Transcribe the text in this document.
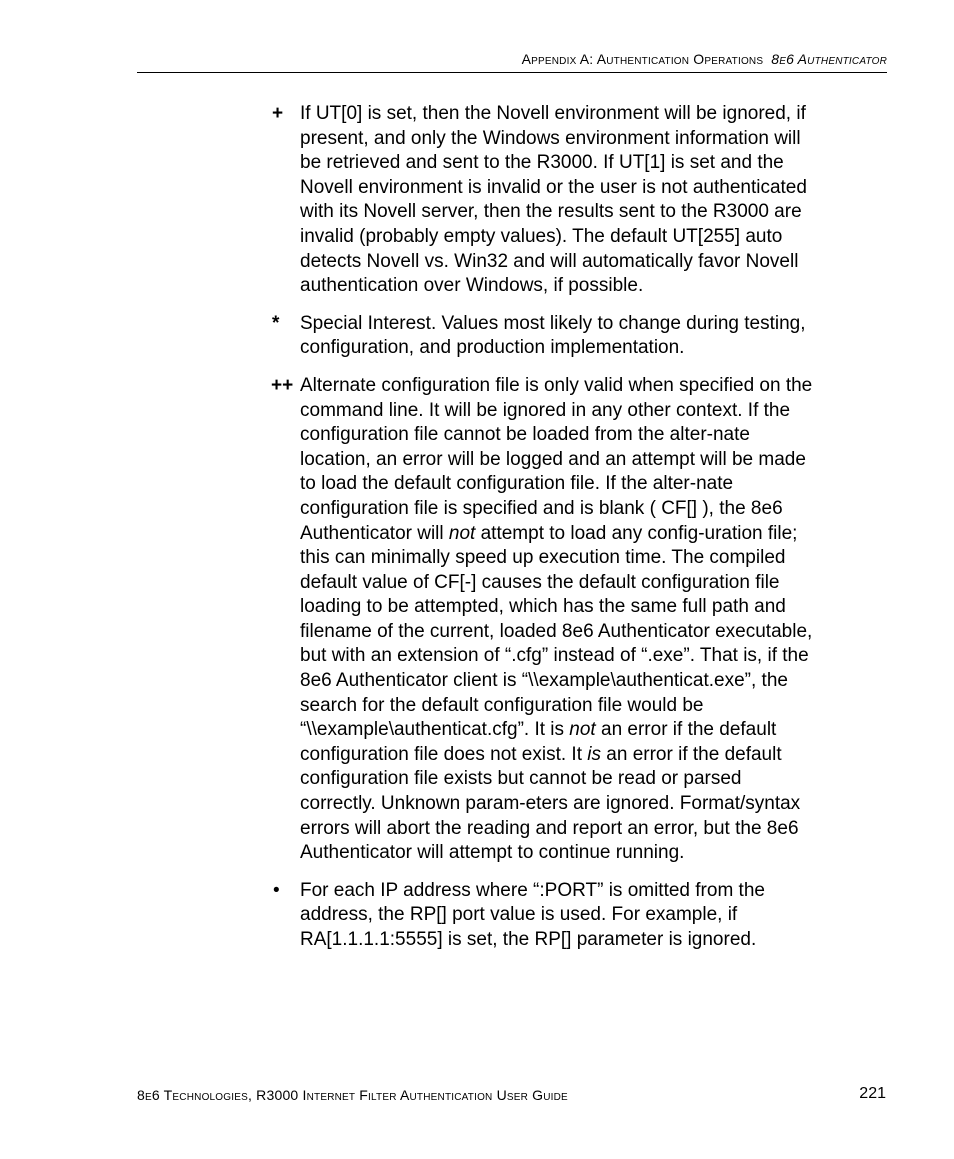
Appendix A: Authentication Operations 8e6 Authenticator
+ If UT[0] is set, then the Novell environment will be ignored, if present, and only the Windows environment information will be retrieved and sent to the R3000. If UT[1] is set and the Novell environment is invalid or the user is not authenticated with its Novell server, then the results sent to the R3000 are invalid (probably empty values). The default UT[255] auto detects Novell vs. Win32 and will automatically favor Novell authentication over Windows, if possible.
* Special Interest. Values most likely to change during testing, configuration, and production implementation.
++ Alternate configuration file is only valid when specified on the command line. It will be ignored in any other context. If the configuration file cannot be loaded from the alter-nate location, an error will be logged and an attempt will be made to load the default configuration file. If the alter-nate configuration file is specified and is blank ( CF[] ), the 8e6 Authenticator will not attempt to load any config-uration file; this can minimally speed up execution time. The compiled default value of CF[-] causes the default configuration file loading to be attempted, which has the same full path and filename of the current, loaded 8e6 Authenticator executable, but with an extension of “.cfg” instead of “.exe”. That is, if the 8e6 Authenticator client is “\\example\authenticat.exe”, the search for the default configuration file would be “\\example\authenticat.cfg”. It is not an error if the default configuration file does not exist. It is an error if the default configuration file exists but cannot be read or parsed correctly. Unknown param-eters are ignored. Format/syntax errors will abort the reading and report an error, but the 8e6 Authenticator will attempt to continue running.
• For each IP address where “:PORT” is omitted from the address, the RP[] port value is used. For example, if RA[1.1.1.1:5555] is set, the RP[] parameter is ignored.
8e6 Technologies, R3000 Internet Filter Authentication User Guide	221
